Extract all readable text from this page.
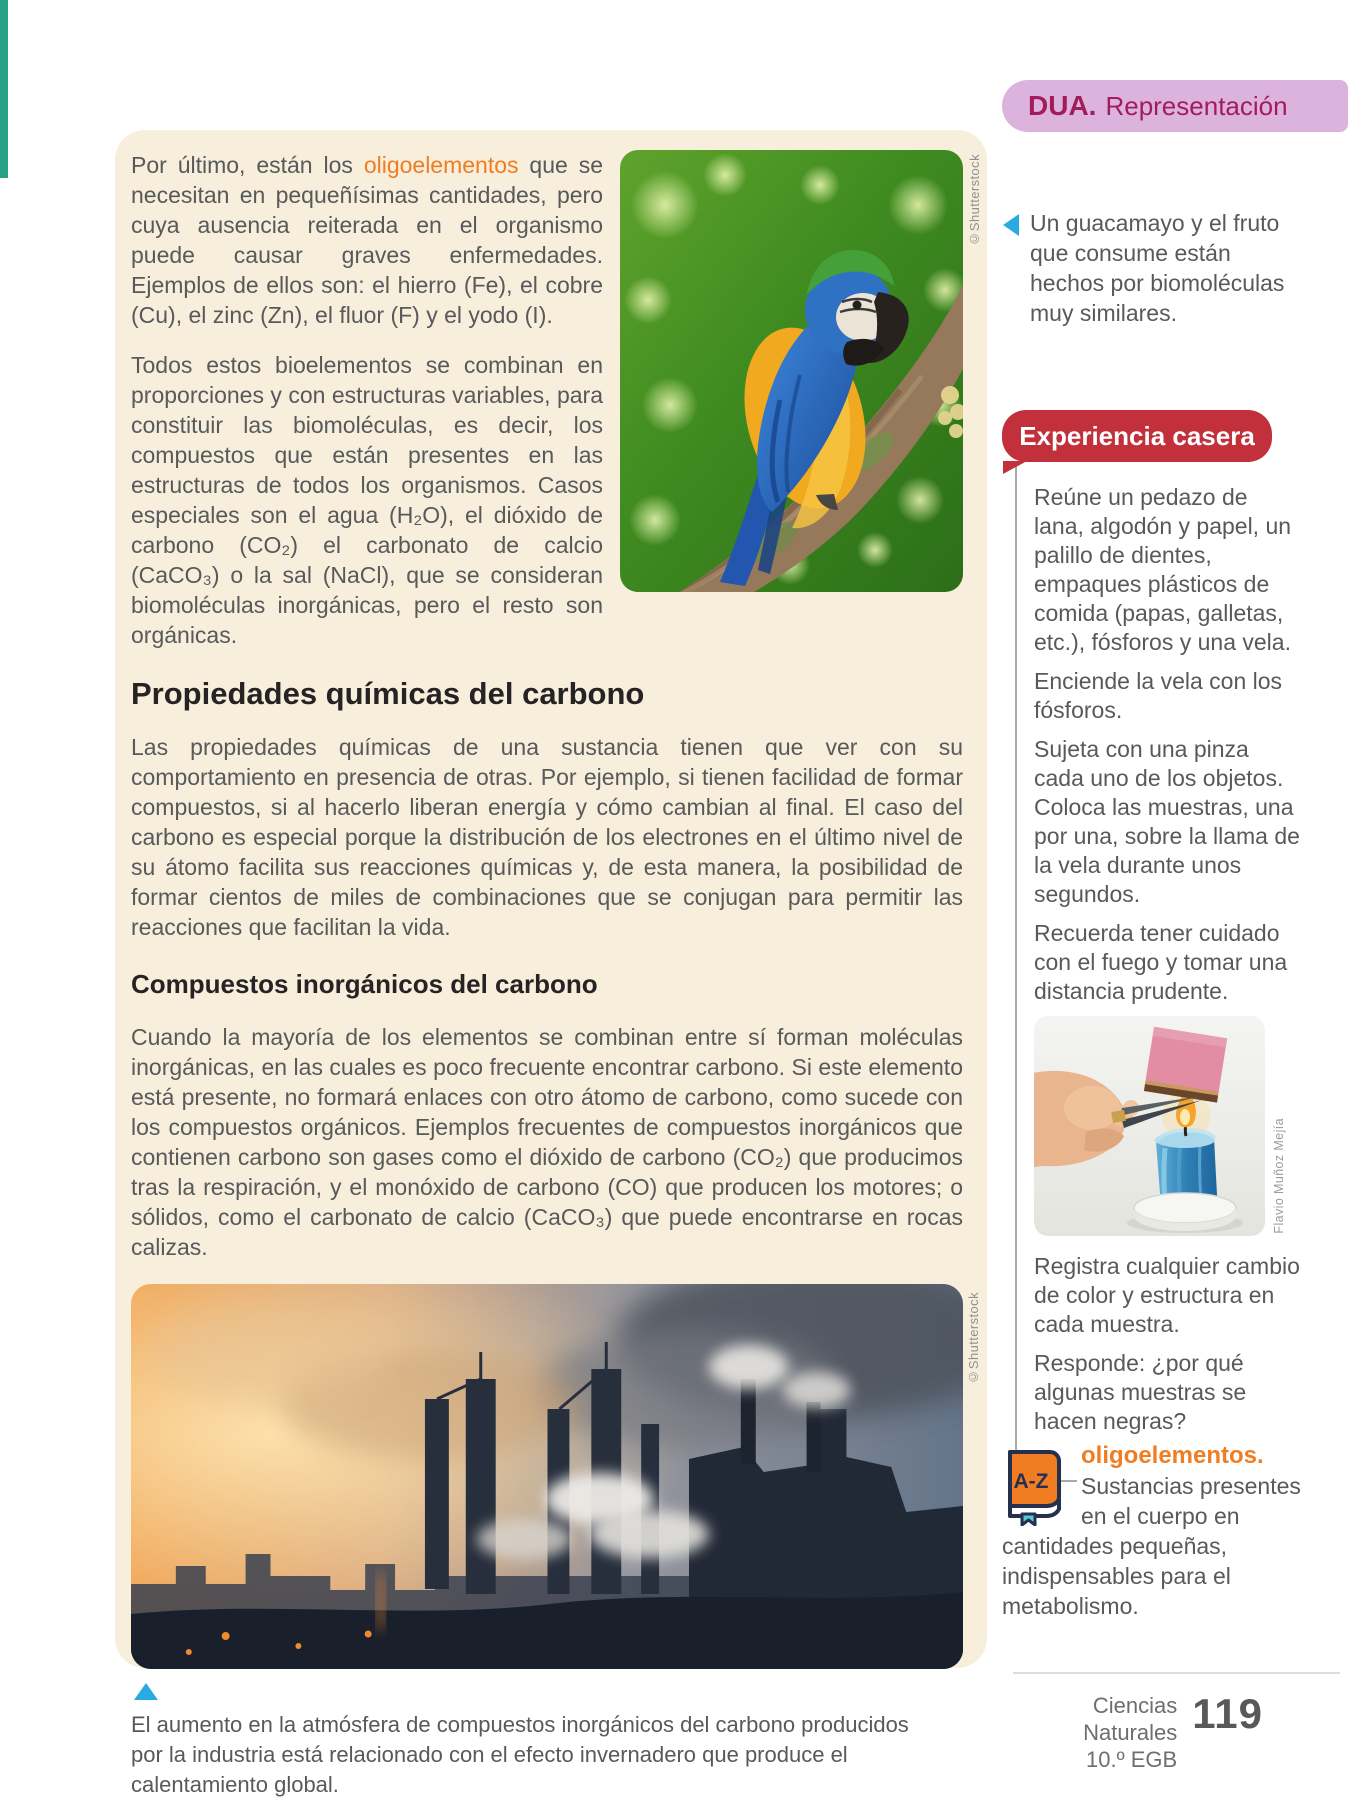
©Shutterstock

Por último, están los oligoelementos que se necesitan en pequeñísimas cantidades, pero cuya ausencia reiterada en el organismo puede causar graves enfermedades. Ejemplos de ellos son: el hierro (Fe), el cobre (Cu), el zinc (Zn), el fluor (F) y el yodo (I).

Todos estos bioelementos se combinan en proporciones y con estructuras variables, para constituir las biomoléculas, es decir, los compuestos que están presentes en las estructuras de todos los organismos. Casos especiales son el agua (H₂O), el dióxido de carbono (CO₂) el carbonato de calcio (CaCO₃) o la sal (NaCl), que se consideran biomoléculas inorgánicas, pero el resto son orgánicas.

Propiedades químicas del carbono

Las propiedades químicas de una sustancia tienen que ver con su comportamiento en presencia de otras. Por ejemplo, si tienen facilidad de formar compuestos, si al hacerlo liberan energía y cómo cambian al final. El caso del carbono es especial porque la distribución de los electrones en el último nivel de su átomo facilita sus reacciones químicas y, de esta manera, la posibilidad de formar cientos de miles de combinaciones que se conjugan para permitir las reacciones que facilitan la vida.

Compuestos inorgánicos del carbono

Cuando la mayoría de los elementos se combinan entre sí forman moléculas inorgánicas, en las cuales es poco frecuente encontrar carbono. Si este elemento está presente, no formará enlaces con otro átomo de carbono, como sucede con los compuestos orgánicos. Ejemplos frecuentes de compuestos inorgánicos que contienen carbono son gases como el dióxido de carbono (CO₂) que producimos tras la respiración, y el monóxido de carbono (CO) que producen los motores; o sólidos, como el carbonato de calcio (CaCO₃) que puede encontrarse en rocas calizas.

©Shutterstock

El aumento en la atmósfera de compuestos inorgánicos del carbono producidos por la industria está relacionado con el efecto invernadero que produce el calentamiento global.

DUA. Representación

Un guacamayo y el fruto que consume están hechos por biomoléculas muy similares.

Experiencia casera

Reúne un pedazo de lana, algodón y papel, un palillo de dientes, empaques plásticos de comida (papas, galletas, etc.), fósforos y una vela.

Enciende la vela con los fósforos.

Sujeta con una pinza cada uno de los objetos. Coloca las muestras, una por una, sobre la llama de la vela durante unos segundos.

Recuerda tener cuidado con el fuego y tomar una distancia prudente.

Flavio Muñoz Mejía

Registra cualquier cambio de color y estructura en cada muestra.

Responde: ¿por qué algunas muestras se hacen negras?

A-Z
oligoelementos. Sustancias presentes en el cuerpo en cantidades pequeñas, indispensables para el metabolismo.
Ciencias Naturales
10.º EGB
119
